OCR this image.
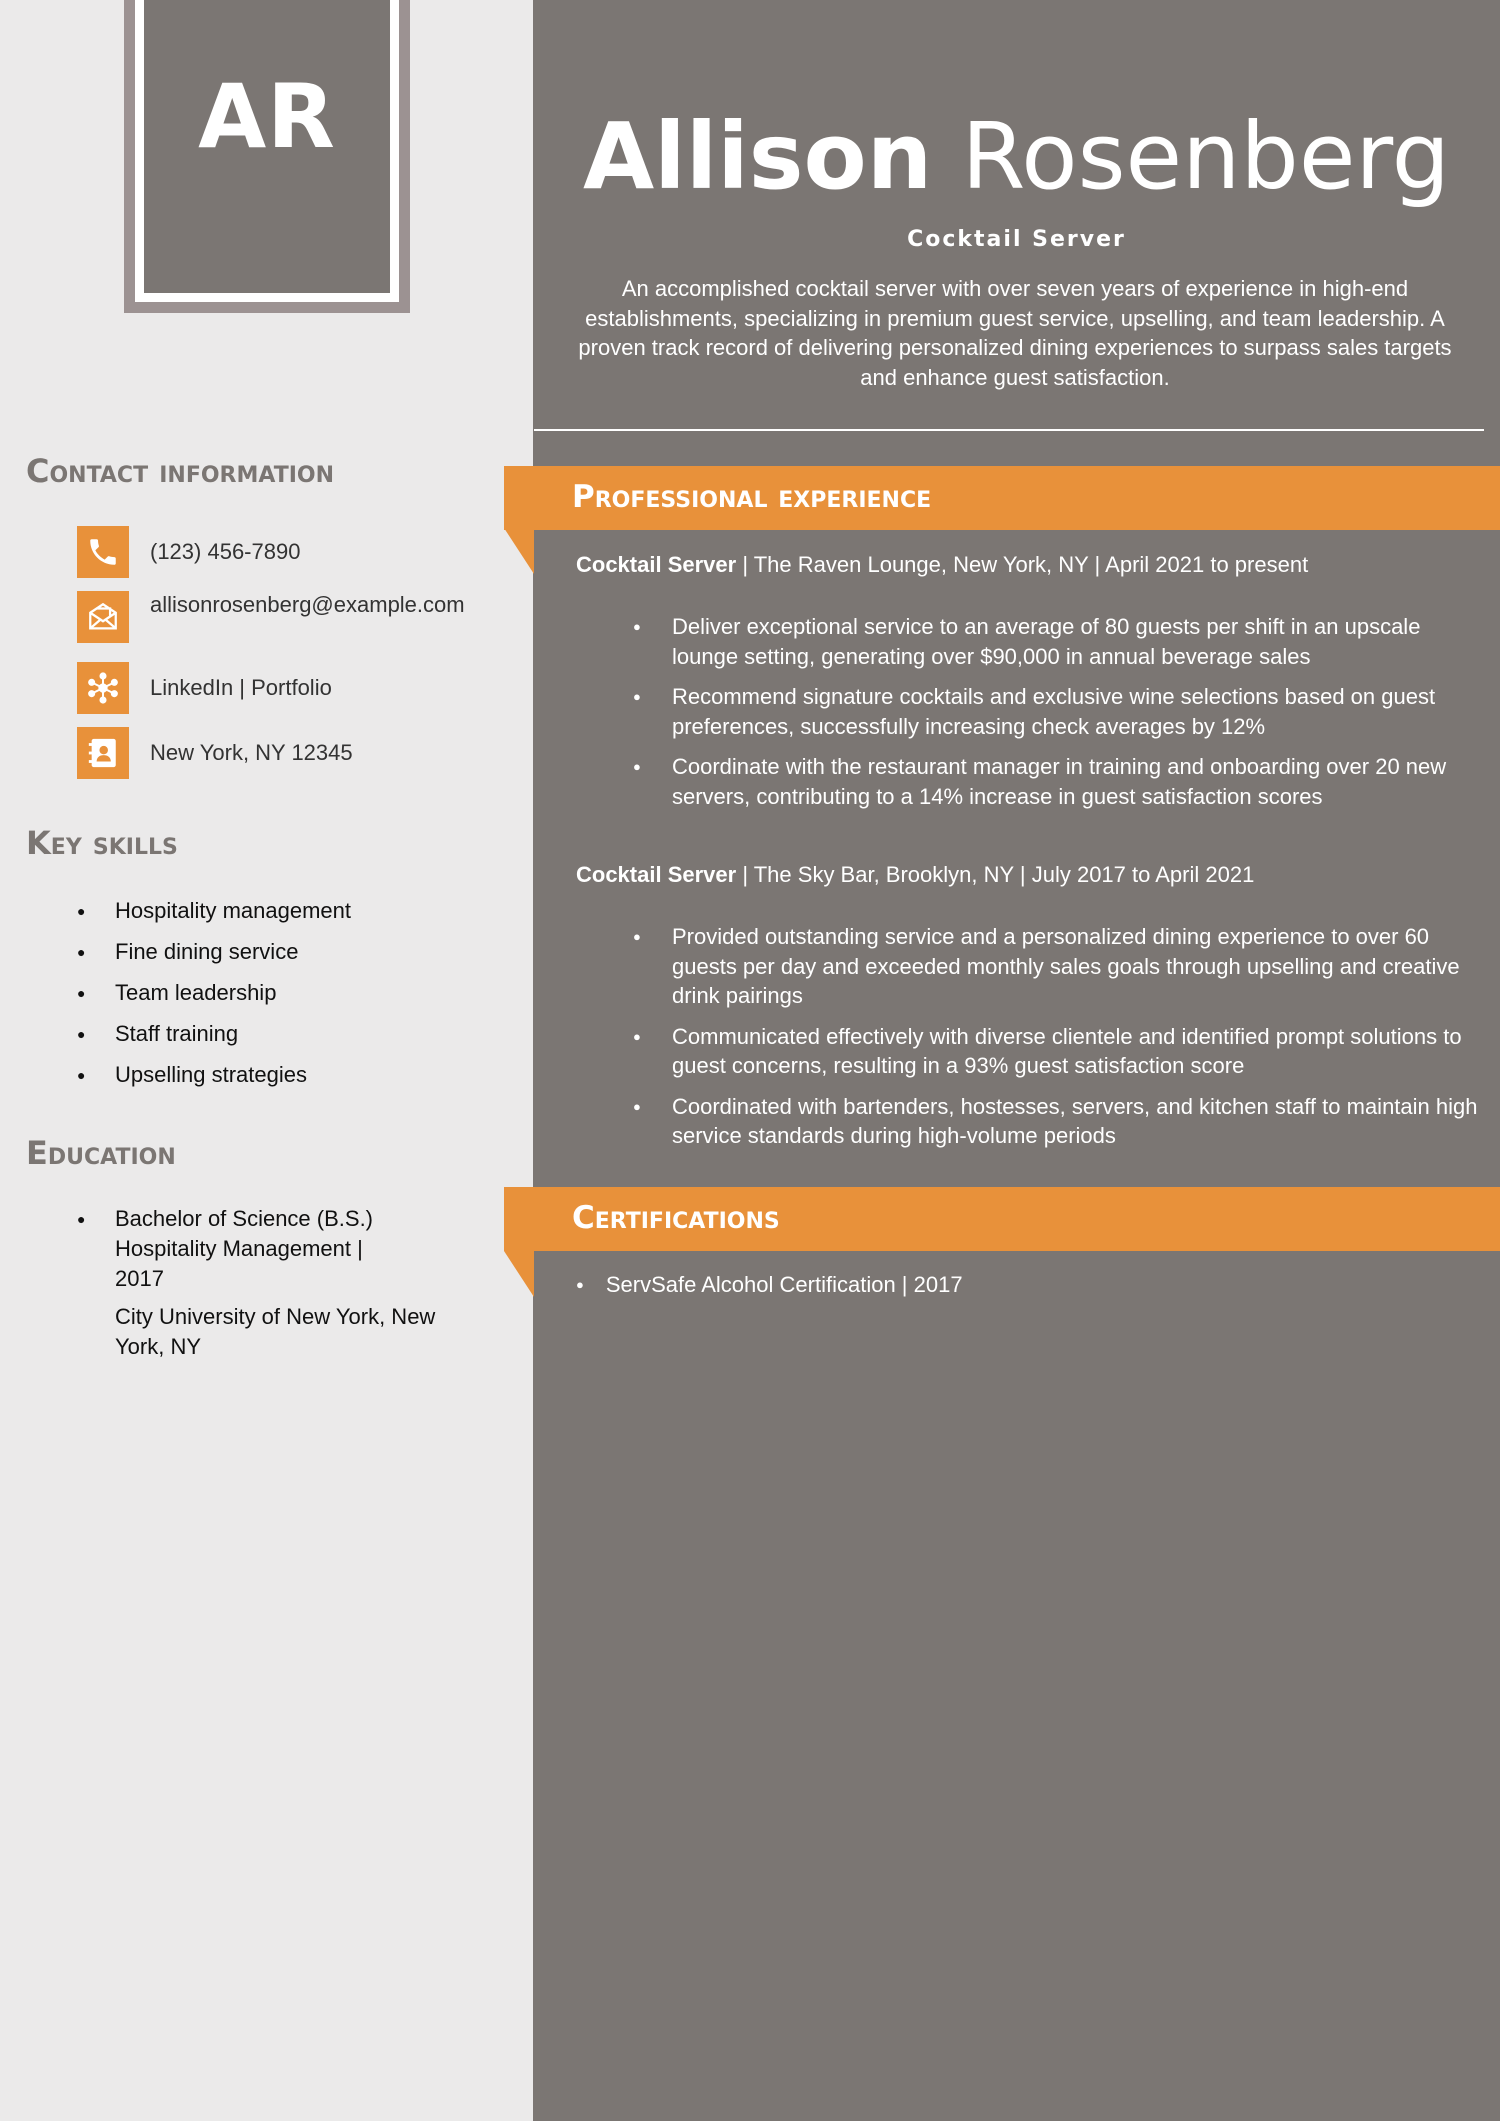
AR
Contact information
(123) 456-7890
allisonrosenberg@example.com
LinkedIn | Portfolio
New York, NY 12345
Key skills
● Hospitality management
● Fine dining service
● Team leadership
● Staff training
● Upselling strategies
Education
● Bachelor of Science (B.S.) Hospitality Management | 2017
City University of New York, New York, NY
Allison Rosenberg
Cocktail Server
An accomplished cocktail server with over seven years of experience in high-end establishments, specializing in premium guest service, upselling, and team leadership. A proven track record of delivering personalized dining experiences to surpass sales targets and enhance guest satisfaction.
Professional experience
Cocktail Server | The Raven Lounge, New York, NY | April 2021 to present
● Deliver exceptional service to an average of 80 guests per shift in an upscale lounge setting, generating over $90,000 in annual beverage sales
● Recommend signature cocktails and exclusive wine selections based on guest preferences, successfully increasing check averages by 12%
● Coordinate with the restaurant manager in training and onboarding over 20 new servers, contributing to a 14% increase in guest satisfaction scores
Cocktail Server | The Sky Bar, Brooklyn, NY | July 2017 to April 2021
● Provided outstanding service and a personalized dining experience to over 60 guests per day and exceeded monthly sales goals through upselling and creative drink pairings
● Communicated effectively with diverse clientele and identified prompt solutions to guest concerns, resulting in a 93% guest satisfaction score
● Coordinated with bartenders, hostesses, servers, and kitchen staff to maintain high service standards during high-volume periods
Certifications
● ServSafe Alcohol Certification | 2017
